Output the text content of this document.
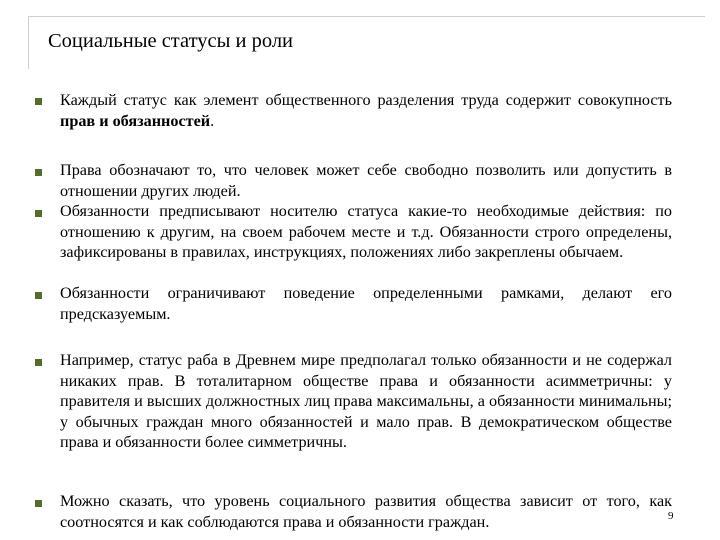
Социальные статусы и роли
Каждый статус как элемент общественного разделения труда содержит совокупность прав и обязанностей.
Права обозначают то, что человек может себе свободно позволить или допустить в отношении других людей.
Обязанности предписывают носителю статуса какие-то необходимые действия: по отношению к другим, на своем рабочем месте и т.д. Обязанности строго определены, зафиксированы в правилах, инструкциях, положениях либо закреплены обычаем.
Обязанности ограничивают поведение определенными рамками, делают его предсказуемым.
Например, статус раба в Древнем мире предполагал только обязанности и не содержал никаких прав. В тоталитарном обществе права и обязанности асимметричны: у правителя и высших должностных лиц права максимальны, а обязанности минимальны; у обычных граждан много обязанностей и мало прав. В демократическом обществе права и обязанности более симметричны.
Можно сказать, что уровень социального развития общества зависит от того, как соотносятся и как соблюдаются права и обязанности граждан.	9
